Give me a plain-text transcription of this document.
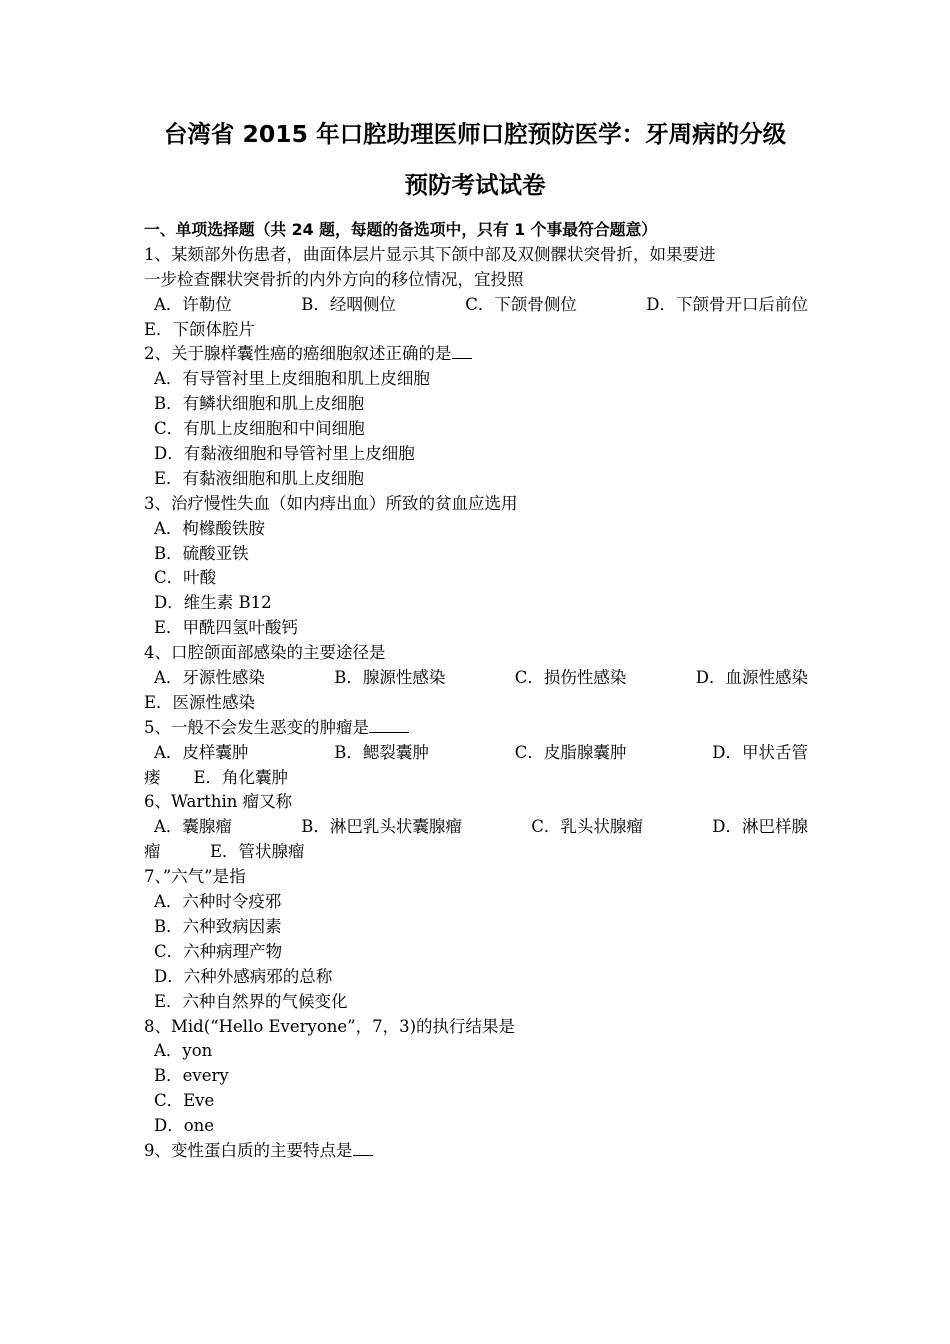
台湾省 2015 年口腔助理医师口腔预防医学：牙周病的分级
预防考试试卷
一、单项选择题（共 24 题，每题的备选项中，只有 1 个事最符合题意）
1、某颏部外伤患者，曲面体层片显示其下颌中部及双侧髁状突骨折，如果要进
一步检查髁状突骨折的内外方向的移位情况，宜投照
A．许勒位	B．经咽侧位	C．下颌骨侧位	D．下颌骨开口后前位
E．下颌体腔片
2、关于腺样囊性癌的癌细胞叙述正确的是
A．有导管衬里上皮细胞和肌上皮细胞
B．有鳞状细胞和肌上皮细胞
C．有肌上皮细胞和中间细胞
D．有黏液细胞和导管衬里上皮细胞
E．有黏液细胞和肌上皮细胞
3、治疗慢性失血（如内痔出血）所致的贫血应选用
A．枸橼酸铁胺
B．硫酸亚铁
C．叶酸
D．维生素 B12
E．甲酰四氢叶酸钙
4、口腔颌面部感染的主要途径是
A．牙源性感染	B．腺源性感染	C．损伤性感染	D．血源性感染
E．医源性感染
5、一般不会发生恶变的肿瘤是
A．皮样囊肿	B．鳃裂囊肿	C．皮脂腺囊肿	D．甲状舌管
瘘　　E．角化囊肿
6、Warthin 瘤又称
A．囊腺瘤	B．淋巴乳头状囊腺瘤	C．乳头状腺瘤	D．淋巴样腺
瘤　　　E．管状腺瘤
7、”六气”是指
A．六种时令疫邪
B．六种致病因素
C．六种病理产物
D．六种外感病邪的总称
E．六种自然界的气候变化
8、Mid(“Hello Everyone”，7，3)的执行结果是
A．yon
B．every
C．Eve
D．one
9、变性蛋白质的主要特点是
